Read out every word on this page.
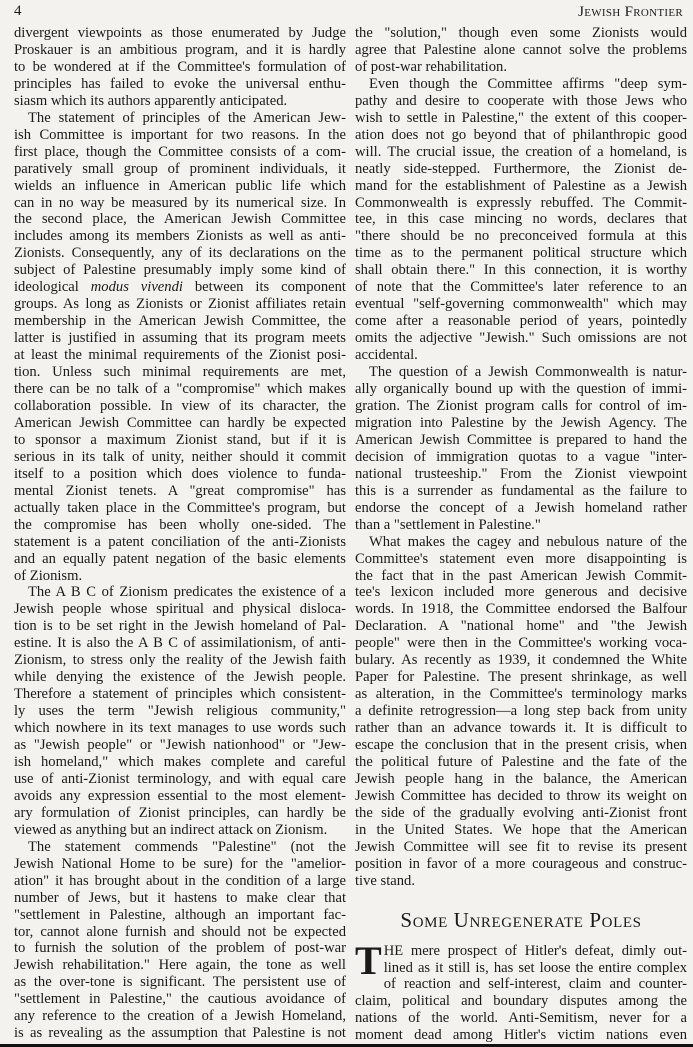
4	Jewish Frontier

divergent viewpoints as those enumerated by Judge
Proskauer is an ambitious program, and it is hardly
to be wondered at if the Committee's formulation of
principles has failed to evoke the universal enthu-
siasm which its authors apparently anticipated.

The statement of principles of the American Jew-
ish Committee is important for two reasons. In the
first place, though the Committee consists of a com-
paratively small group of prominent individuals, it
wields an influence in American public life which
can in no way be measured by its numerical size. In
the second place, the American Jewish Committee
includes among its members Zionists as well as anti-
Zionists. Consequently, any of its declarations on the
subject of Palestine presumably imply some kind of
ideological modus vivendi between its component
groups. As long as Zionists or Zionist affiliates retain
membership in the American Jewish Committee, the
latter is justified in assuming that its program meets
at least the minimal requirements of the Zionist posi-
tion. Unless such minimal requirements are met,
there can be no talk of a "compromise" which makes
collaboration possible. In view of its character, the
American Jewish Committee can hardly be expected
to sponsor a maximum Zionist stand, but if it is
serious in its talk of unity, neither should it commit
itself to a position which does violence to funda-
mental Zionist tenets. A "great compromise" has
actually taken place in the Committee's program, but
the compromise has been wholly one-sided. The
statement is a patent conciliation of the anti-Zionists
and an equally patent negation of the basic elements
of Zionism.

The A B C of Zionism predicates the existence of a
Jewish people whose spiritual and physical disloca-
tion is to be set right in the Jewish homeland of Pal-
estine. It is also the A B C of assimilationism, of anti-
Zionism, to stress only the reality of the Jewish faith
while denying the existence of the Jewish people.
Therefore a statement of principles which consistent-
ly uses the term "Jewish religious community,"
which nowhere in its text manages to use words such
as "Jewish people" or "Jewish nationhood" or "Jew-
ish homeland," which makes complete and careful
use of anti-Zionist terminology, and with equal care
avoids any expression essential to the most element-
ary formulation of Zionist principles, can hardly be
viewed as anything but an indirect attack on Zionism.

The statement commends "Palestine" (not the
Jewish National Home to be sure) for the "amelior-
ation" it has brought about in the condition of a large
number of Jews, but it hastens to make clear that
"settlement in Palestine, although an important fac-
tor, cannot alone furnish and should not be expected
to furnish the solution of the problem of post-war
Jewish rehabilitation." Here again, the tone as well
as the over-tone is significant. The persistent use of
"settlement in Palestine," the cautious avoidance of
any reference to the creation of a Jewish Homeland,
is as revealing as the assumption that Palestine is not

the "solution," though even some Zionists would
agree that Palestine alone cannot solve the problems
of post-war rehabilitation.

Even though the Committee affirms "deep sym-
pathy and desire to cooperate with those Jews who
wish to settle in Palestine," the extent of this cooper-
ation does not go beyond that of philanthropic good
will. The crucial issue, the creation of a homeland, is
neatly side-stepped. Furthermore, the Zionist de-
mand for the establishment of Palestine as a Jewish
Commonwealth is expressly rebuffed. The Commit-
tee, in this case mincing no words, declares that
"there should be no preconceived formula at this
time as to the permanent political structure which
shall obtain there." In this connection, it is worthy
of note that the Committee's later reference to an
eventual "self-governing commonwealth" which may
come after a reasonable period of years, pointedly
omits the adjective "Jewish." Such omissions are not
accidental.

The question of a Jewish Commonwealth is natur-
ally organically bound up with the question of immi-
gration. The Zionist program calls for control of im-
migration into Palestine by the Jewish Agency. The
American Jewish Committee is prepared to hand the
decision of immigration quotas to a vague "inter-
national trusteeship." From the Zionist viewpoint
this is a surrender as fundamental as the failure to
endorse the concept of a Jewish homeland rather
than a "settlement in Palestine."

What makes the cagey and nebulous nature of the
Committee's statement even more disappointing is
the fact that in the past American Jewish Commit-
tee's lexicon included more generous and decisive
words. In 1918, the Committee endorsed the Balfour
Declaration. A "national home" and "the Jewish
people" were then in the Committee's working voca-
bulary. As recently as 1939, it condemned the White
Paper for Palestine. The present shrinkage, as well
as alteration, in the Committee's terminology marks
a definite retrogression—a long step back from unity
rather than an advance towards it. It is difficult to
escape the conclusion that in the present crisis, when
the political future of Palestine and the fate of the
Jewish people hang in the balance, the American
Jewish Committee has decided to throw its weight on
the side of the gradually evolving anti-Zionist front
in the United States. We hope that the American
Jewish Committee will see fit to revise its present
position in favor of a more courageous and construc-
tive stand.

Some Unregenerate Poles

T HE mere prospect of Hitler's defeat, dimly out-
lined as it still is, has set loose the entire complex
of reaction and self-interest, claim and counter-
claim, political and boundary disputes among the
nations of the world. Anti-Semitism, never for a
moment dead among Hitler's victim nations even
